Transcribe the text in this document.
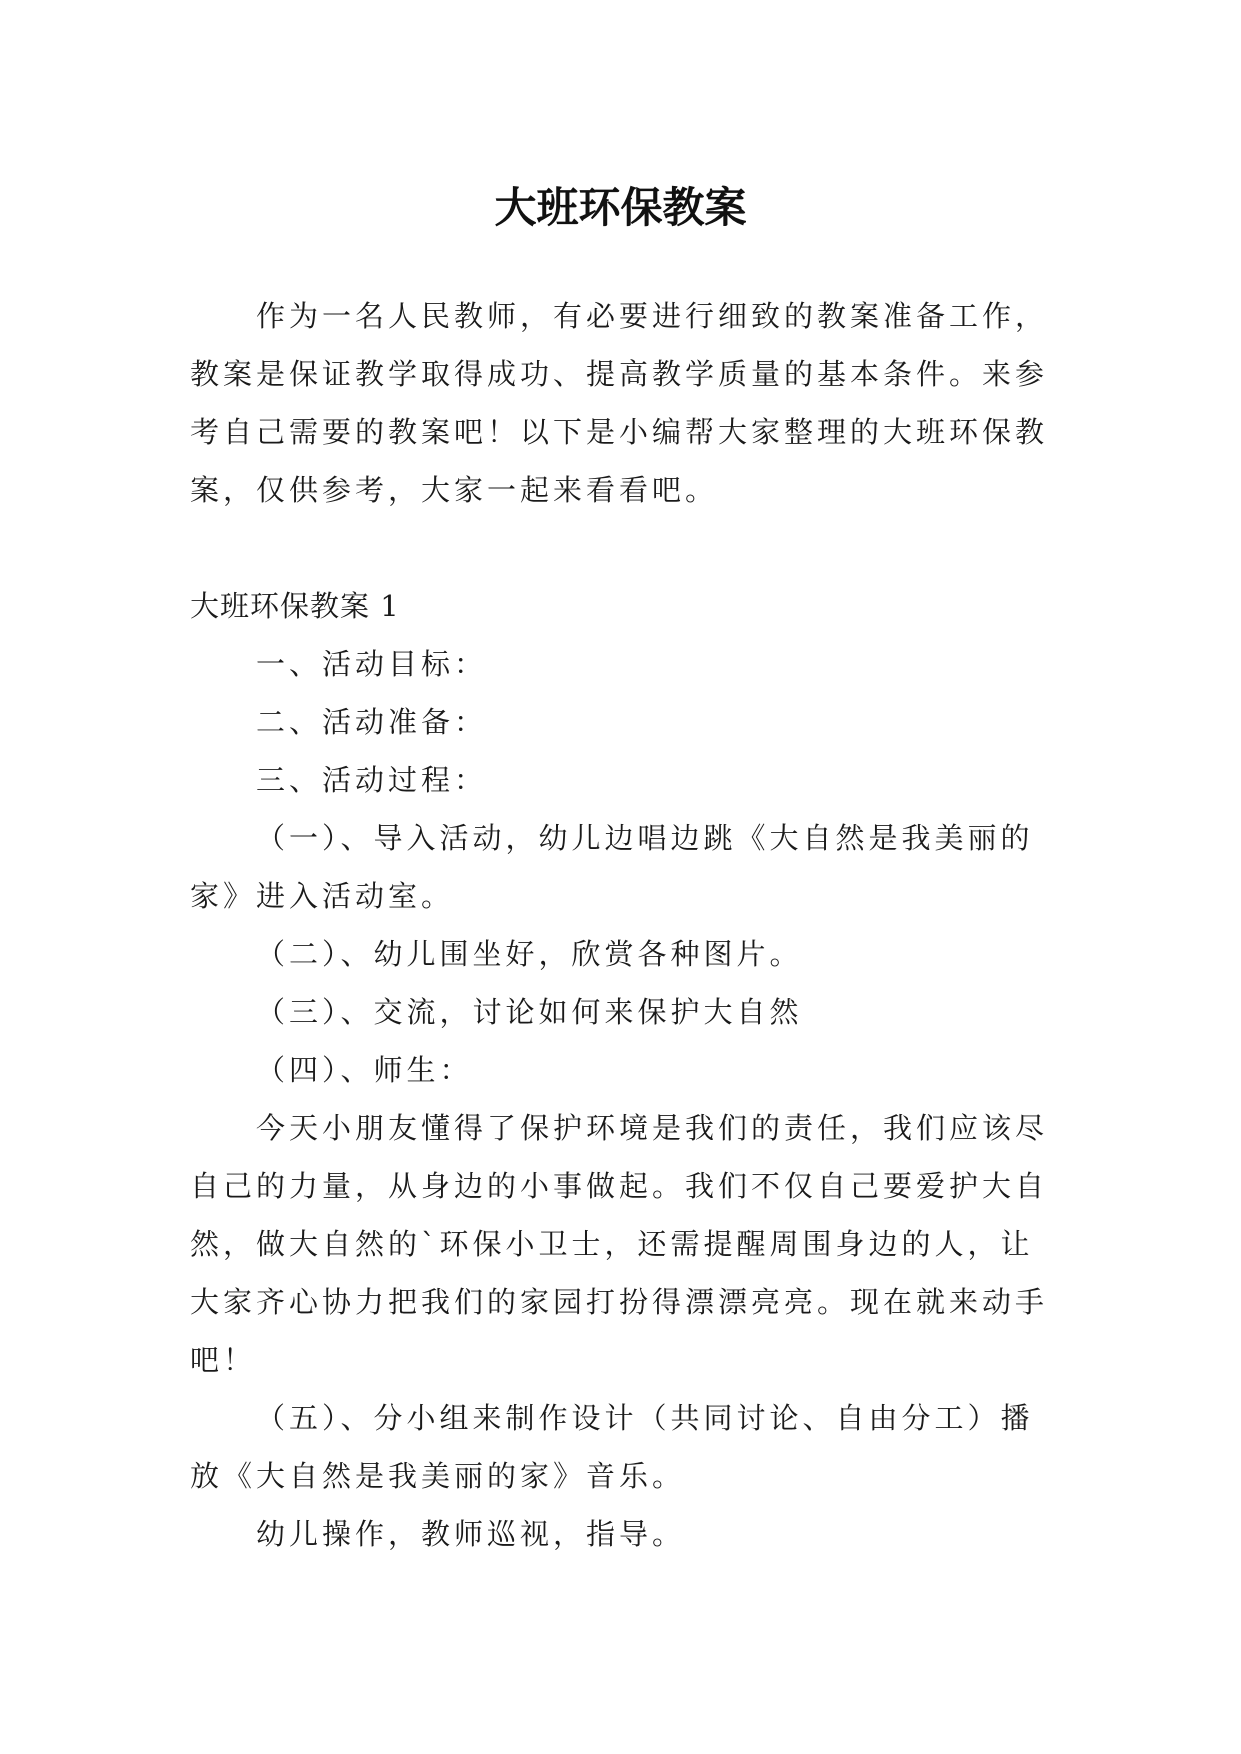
大班环保教案

作为一名人民教师，有必要进行细致的教案准备工作，教案是保证教学取得成功、提高教学质量的基本条件。来参考自己需要的教案吧！以下是小编帮大家整理的大班环保教案，仅供参考，大家一起来看看吧。

大班环保教案 1

一、活动目标：

二、活动准备：

三、活动过程：

（一）、导入活动，幼儿边唱边跳《大自然是我美丽的家》进入活动室。

（二）、幼儿围坐好，欣赏各种图片。

（三）、交流，讨论如何来保护大自然

（四）、师生：

今天小朋友懂得了保护环境是我们的责任，我们应该尽自己的力量，从身边的小事做起。我们不仅自己要爱护大自然，做大自然的`环保小卫士，还需提醒周围身边的人，让大家齐心协力把我们的家园打扮得漂漂亮亮。现在就来动手吧！

（五）、分小组来制作设计（共同讨论、自由分工）播放《大自然是我美丽的家》音乐。

幼儿操作，教师巡视，指导。
